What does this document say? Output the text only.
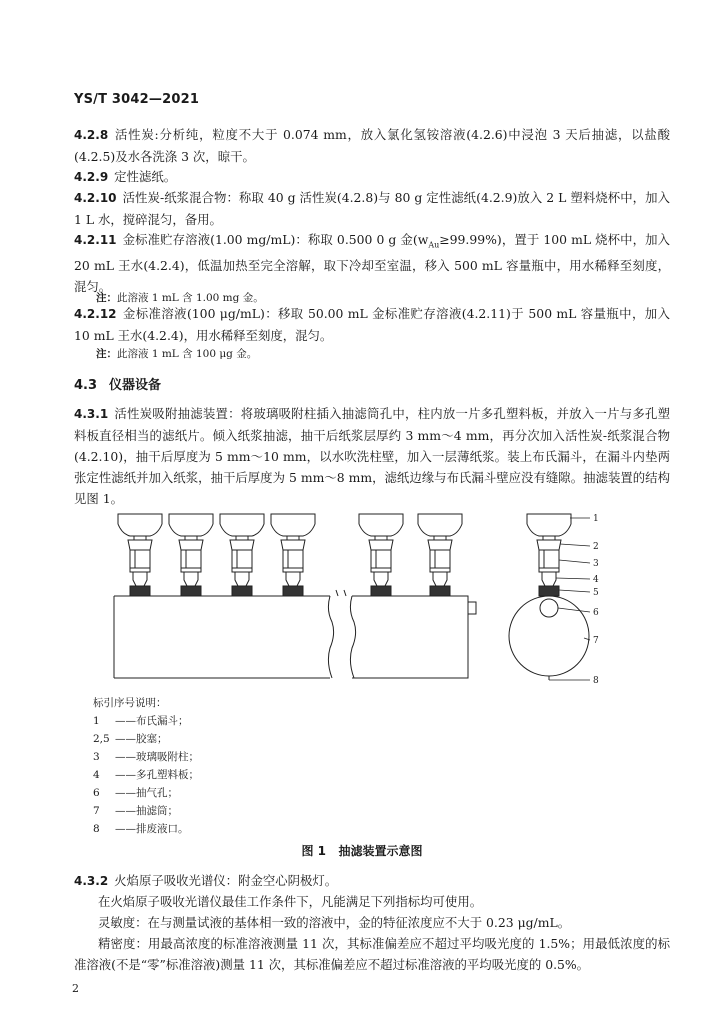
YS/T 3042—2021
4.2.8 活性炭:分析纯，粒度不大于 0.074 mm，放入氯化氢铵溶液(4.2.6)中浸泡 3 天后抽滤，以盐酸(4.2.5)及水各洗涤 3 次，晾干。
4.2.9 定性滤纸。
4.2.10 活性炭-纸浆混合物：称取 40 g 活性炭(4.2.8)与 80 g 定性滤纸(4.2.9)放入 2 L 塑料烧杯中，加入 1 L 水，搅碎混匀，备用。
4.2.11 金标准贮存溶液(1.00 mg/mL)：称取 0.500 0 g 金$(w_{Au}\ge 99.99\%)$，置于 100 mL 烧杯中，加入 20 mL 王水(4.2.4)，低温加热至完全溶解，取下冷却至室温，移入 500 mL 容量瓶中，用水稀释至刻度，混匀。
注：此溶液 1 mL 含 1.00 mg 金。
4.2.12 金标准溶液(100 μg/mL)：移取 50.00 mL 金标准贮存溶液(4.2.11)于 500 mL 容量瓶中，加入 10 mL 王水(4.2.4)，用水稀释至刻度，混匀。
注：此溶液 1 mL 含 100 μg 金。
4.3 仪器设备
4.3.1 活性炭吸附抽滤装置：将玻璃吸附柱插入抽滤筒孔中，柱内放一片多孔塑料板，并放入一片与多孔塑料板直径相当的滤纸片。倾入纸浆抽滤，抽干后纸浆层厚约 3 mm～4 mm，再分次加入活性炭-纸浆混合物(4.2.10)，抽干后厚度为 5 mm～10 mm，以水吹洗柱壁，加入一层薄纸浆。装上布氏漏斗，在漏斗内垫两张定性滤纸并加入纸浆，抽干后厚度为 5 mm～8 mm，滤纸边缘与布氏漏斗壁应没有缝隙。抽滤装置的结构见图 1。
1
2
3
4
5
6
7
8
标引序号说明：
1 ——布氏漏斗；
2,5 ——胶塞；
3 ——玻璃吸附柱；
4 ——多孔塑料板；
6 ——抽气孔；
7 ——抽滤筒；
8 ——排废液口。
图 1 抽滤装置示意图
4.3.2 火焰原子吸收光谱仪：附金空心阴极灯。
在火焰原子吸收光谱仪最佳工作条件下，凡能满足下列指标均可使用。
灵敏度：在与测量试液的基体相一致的溶液中，金的特征浓度应不大于 0.23 μg/mL。
精密度：用最高浓度的标准溶液测量 11 次，其标准偏差应不超过平均吸光度的 1.5%；用最低浓度的标准溶液(不是“零”标准溶液)测量 11 次，其标准偏差应不超过标准溶液的平均吸光度的 0.5%。
2
